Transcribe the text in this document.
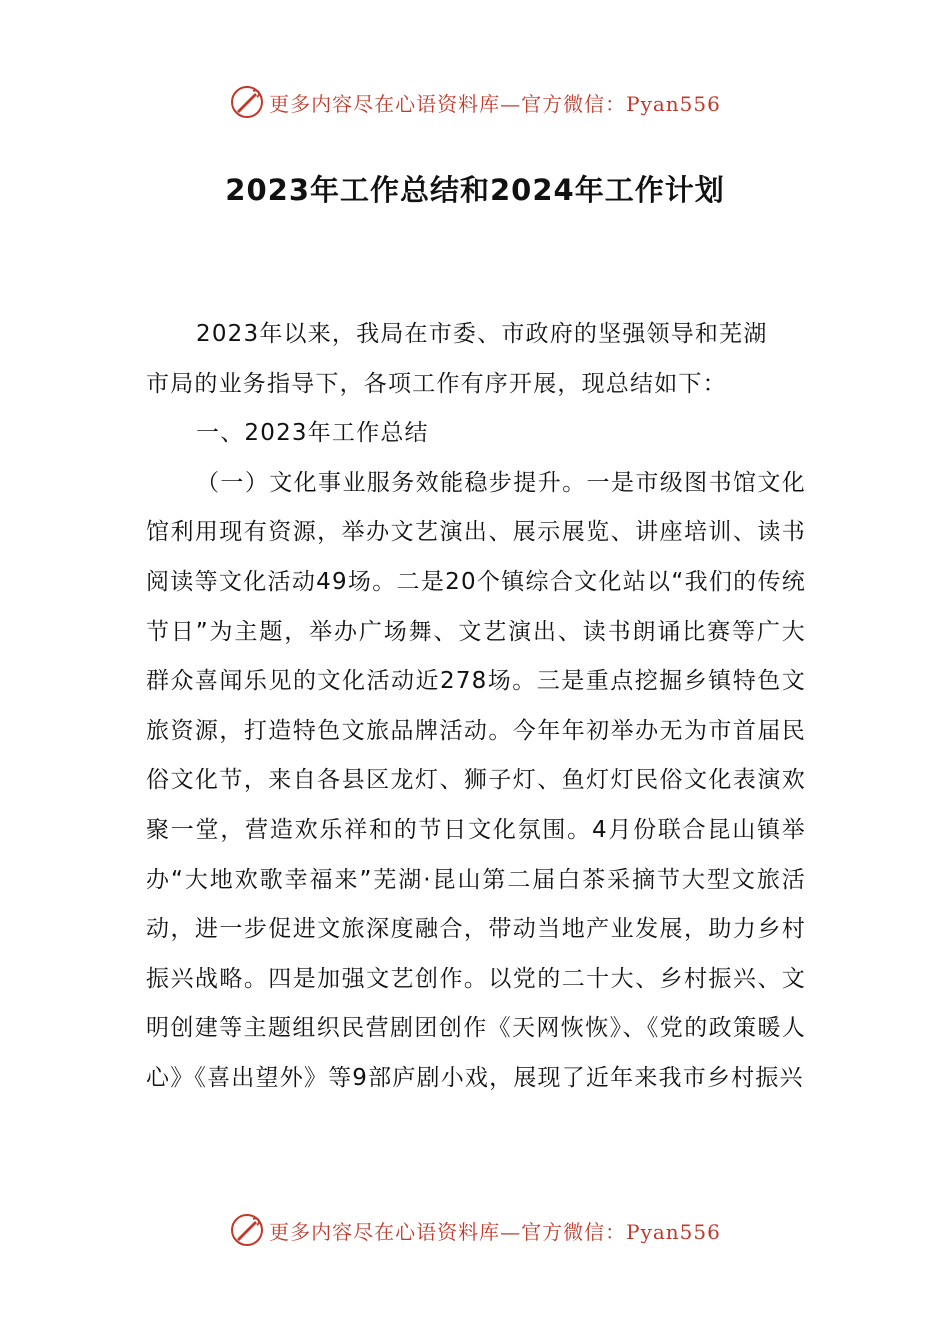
更多内容尽在心语资料库—官方微信：Pyan556
2023年工作总结和2024年工作计划

2023年以来，我局在市委、市政府的坚强领导和芜湖
市局的业务指导下，各项工作有序开展，现总结如下：

一、2023年工作总结

（一）文化事业服务效能稳步提升。一是市级图书馆文化馆利用现有资源，举办文艺演出、展示展览、讲座培训、读书阅读等文化活动49场。二是20个镇综合文化站以“我们的传统节日”为主题，举办广场舞、文艺演出、读书朗诵比赛等广大群众喜闻乐见的文化活动近278场。三是重点挖掘乡镇特色文旅资源，打造特色文旅品牌活动。今年年初举办无为市首届民俗文化节，来自各县区龙灯、狮子灯、鱼灯灯民俗文化表演欢聚一堂，营造欢乐祥和的节日文化氛围。4月份联合昆山镇举办“大地欢歌幸福来”芜湖·昆山第二届白茶采摘节大型文旅活动，进一步促进文旅深度融合，带动当地产业发展，助力乡村振兴战略。四是加强文艺创作。以党的二十大、乡村振兴、文明创建等主题组织民营剧团创作《天网恢恢》、《党的政策暖人心》《喜出望外》等9部庐剧小戏，展现了近年来我市乡村振兴

更多内容尽在心语资料库—官方微信：Pyan556
